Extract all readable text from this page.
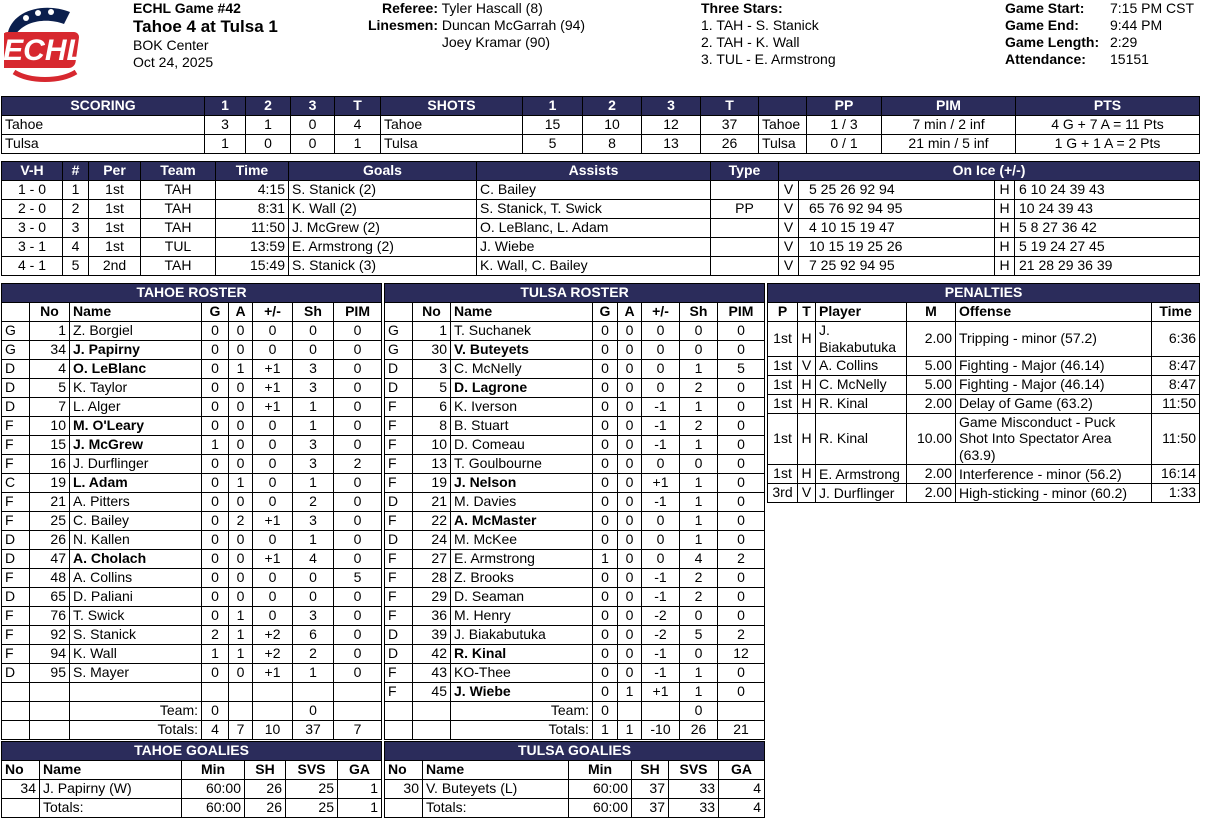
ECHL
ECHL Game #42
Tahoe 4 at Tulsa 1
BOK Center
Oct 24, 2025
Referee: Tyler Hascall (8)
Linesmen: Duncan McGarrah (94)
Joey Kramar (90)
Three Stars:
1. TAH - S. Stanick
2. TAH - K. Wall
3. TUL - E. Armstrong
Game Start: 7:15 PM CST
Game End: 9:44 PM
Game Length: 2:29
Attendance: 15151
SCORING	1	2	3	T
Tahoe	3	1	0	4
Tulsa	1	0	0	1
SHOTS	1	2	3	T
Tahoe	15	10	12	37
Tulsa	5	8	13	26
	PP	PIM	PTS
Tahoe	1 / 3	7 min / 2 inf	4 G + 7 A = 11 Pts
Tulsa	0 / 1	21 min / 5 inf	1 G + 1 A = 2 Pts
V-H	#	Per	Team	Time	Goals	Assists	Type	On Ice (+/-)			
1 - 0	1	1st	TAH	4:15	S. Stanick (2)	C. Bailey		V	5 25 26 92 94	H	6 10 24 39 43
2 - 0	2	1st	TAH	8:31	K. Wall (2)	S. Stanick, T. Swick	PP	V	65 76 92 94 95	H	10 24 39 43
3 - 0	3	1st	TAH	11:50	J. McGrew (2)	O. LeBlanc, L. Adam		V	4 10 15 19 47	H	5 8 27 36 42
3 - 1	4	1st	TUL	13:59	E. Armstrong (2)	J. Wiebe		V	10 15 19 25 26	H	5 19 24 27 45
4 - 1	5	2nd	TAH	15:49	S. Stanick (3)	K. Wall, C. Bailey		V	7 25 92 94 95	H	21 28 29 36 39
TAHOE ROSTER							
	No	Name	G	A	+/-	Sh	PIM
G	1	Z. Borgiel	0	0	0	0	0
G	34	J. Papirny	0	0	0	0	0
D	4	O. LeBlanc	0	1	+1	3	0
D	5	K. Taylor	0	0	+1	3	0
D	7	L. Alger	0	0	+1	1	0
F	10	M. O'Leary	0	0	0	1	0
F	15	J. McGrew	1	0	0	3	0
F	16	J. Durflinger	0	0	0	3	2
C	19	L. Adam	0	1	0	1	0
F	21	A. Pitters	0	0	0	2	0
F	25	C. Bailey	0	2	+1	3	0
D	26	N. Kallen	0	0	0	1	0
D	47	A. Cholach	0	0	+1	4	0
F	48	A. Collins	0	0	0	0	5
D	65	D. Paliani	0	0	0	0	0
F	76	T. Swick	0	1	0	3	0
F	92	S. Stanick	2	1	+2	6	0
F	94	K. Wall	1	1	+2	2	0
D	95	S. Mayer	0	0	+1	1	0

		Team:	0			0	
		Totals:	4	7	10	37	7
TULSA ROSTER							
	No	Name	G	A	+/-	Sh	PIM
G	1	T. Suchanek	0	0	0	0	0
G	30	V. Buteyets	0	0	0	0	0
D	3	C. McNelly	0	0	0	1	5
D	5	D. Lagrone	0	0	0	2	0
F	6	K. Iverson	0	0	-1	1	0
F	8	B. Stuart	0	0	-1	2	0
F	10	D. Comeau	0	0	-1	1	0
F	13	T. Goulbourne	0	0	0	0	0
F	19	J. Nelson	0	0	+1	1	0
D	21	M. Davies	0	0	-1	1	0
F	22	A. McMaster	0	0	0	1	0
D	24	M. McKee	0	0	0	1	0
F	27	E. Armstrong	1	0	0	4	2
F	28	Z. Brooks	0	0	-1	2	0
F	29	D. Seaman	0	0	-1	2	0
F	36	M. Henry	0	0	-2	0	0
D	39	J. Biakabutuka	0	0	-2	5	2
D	42	R. Kinal	0	0	-1	0	12
F	43	KO-Thee	0	0	-1	1	0
F	45	J. Wiebe	0	1	+1	1	0
		Team:	0			0	
		Totals:	1	1	-10	26	21
PENALTIES					
P	T	Player	M	Offense	Time
1st	H	J. Biakabutuka	2.00	Tripping - minor (57.2)	6:36
1st	V	A. Collins	5.00	Fighting - Major (46.14)	8:47
1st	H	C. McNelly	5.00	Fighting - Major (46.14)	8:47
1st	H	R. Kinal	2.00	Delay of Game (63.2)	11:50
1st	H	R. Kinal	10.00	Game Misconduct - Puck Shot Into Spectator Area (63.9)	11:50
1st	H	E. Armstrong	2.00	Interference - minor (56.2)	16:14
3rd	V	J. Durflinger	2.00	High-sticking - minor (60.2)	1:33
TAHOE GOALIES					
No	Name	Min	SH	SVS	GA
34	J. Papirny (W)	60:00	26	25	1
	Totals:	60:00	26	25	1
TULSA GOALIES					
No	Name	Min	SH	SVS	GA
30	V. Buteyets (L)	60:00	37	33	4
	Totals:	60:00	37	33	4
